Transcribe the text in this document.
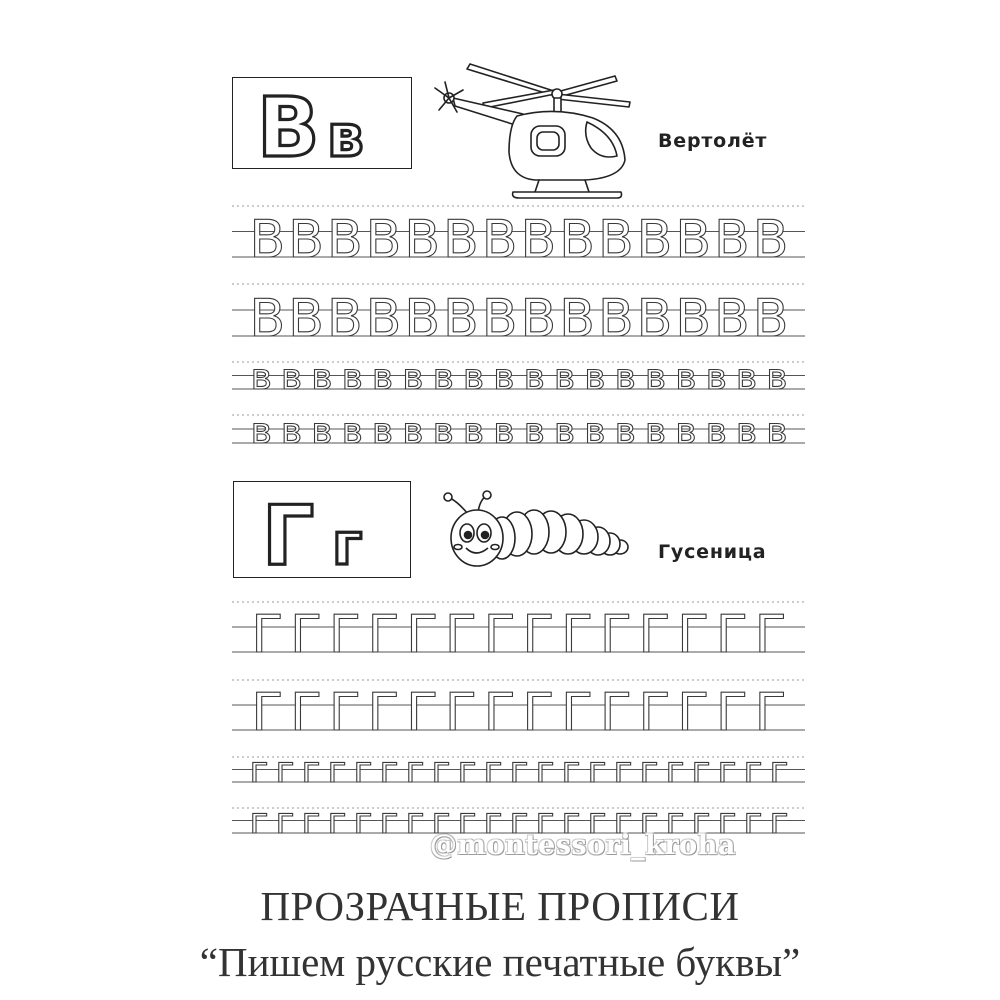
В в	Вертолёт
В В В В В В В В В В В В В В
В В В В В В В В В В В В В В
в в в в в в в в в в в в в в в в в в
в в в в в в в в в в в в в в в в в в
Г г	Гусеница
Г Г Г Г Г Г Г Г Г Г Г Г Г Г
Г Г Г Г Г Г Г Г Г Г Г Г Г Г
г г г г г г г г г г г г г г г г г г г г г
г г г г г г г г г г г г г г г г г г г г г
@montessori_kroha
ПРОЗРАЧНЫЕ ПРОПИСИ
“Пишем русские печатные буквы”
